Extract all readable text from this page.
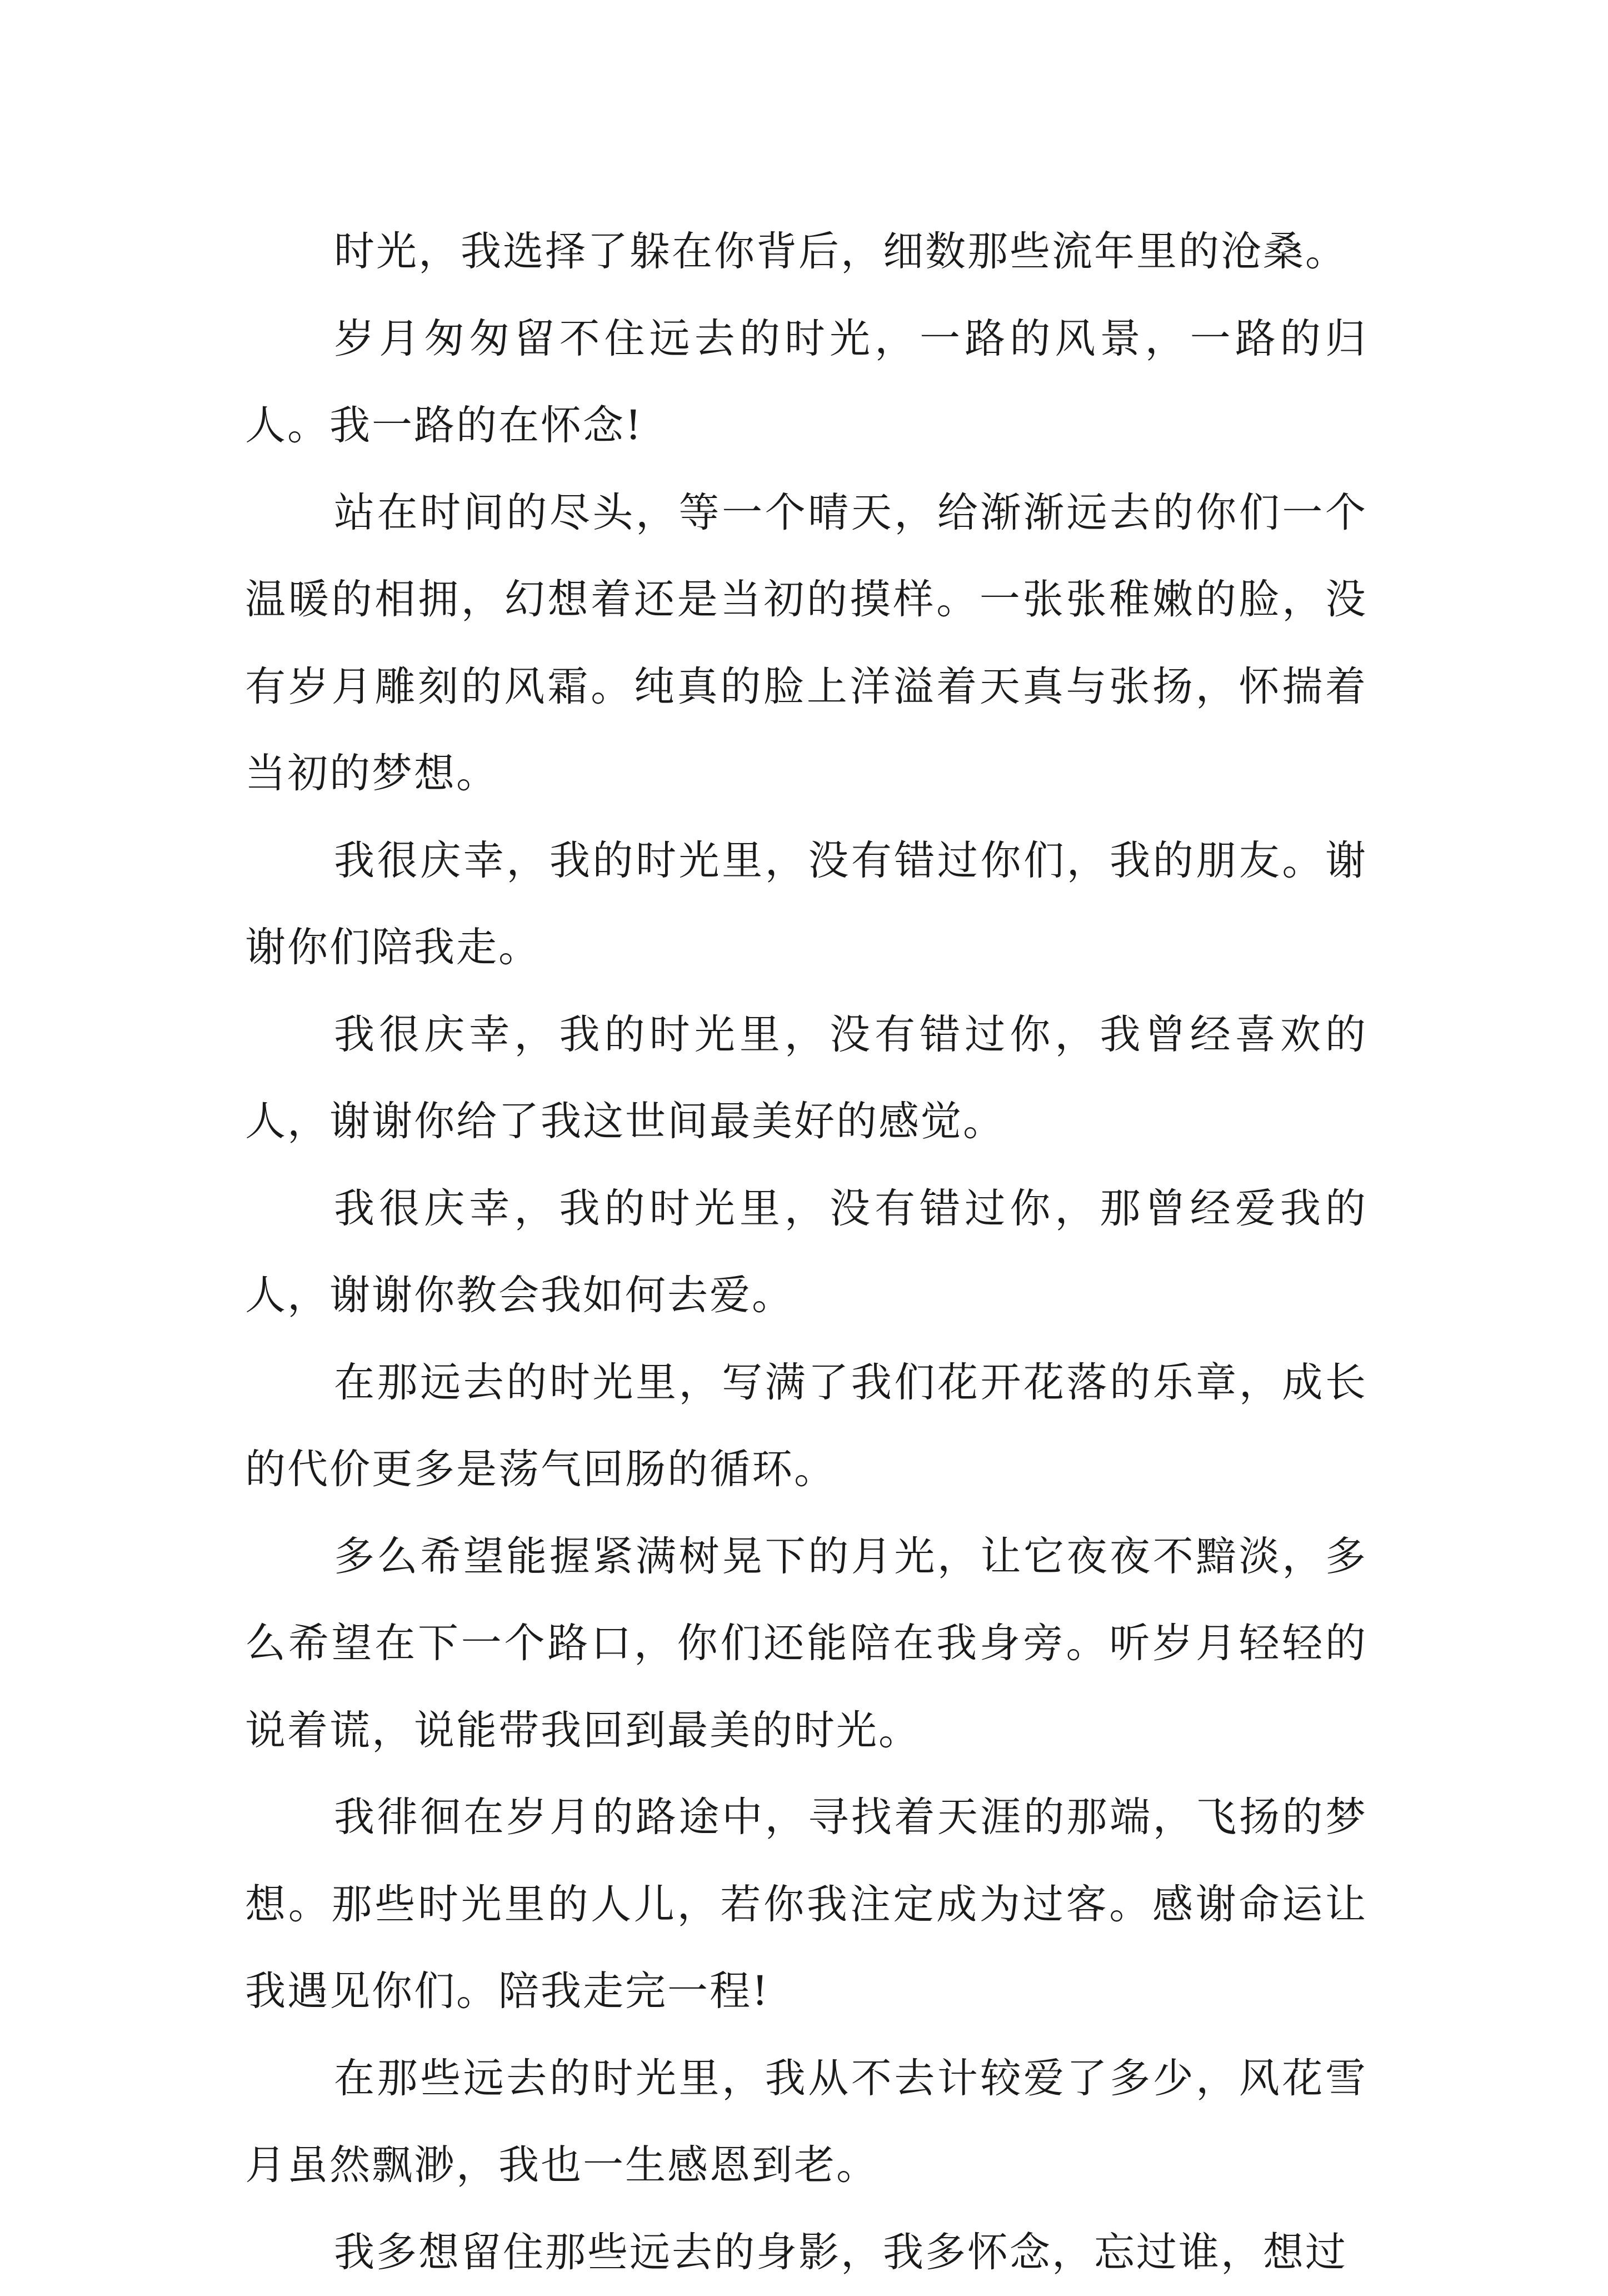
时光，我选择了躲在你背后，细数那些流年里的沧桑。

岁月匆匆留不住远去的时光，一路的风景，一路的归人。我一路的在怀念!

站在时间的尽头，等一个晴天，给渐渐远去的你们一个温暖的相拥，幻想着还是当初的摸样。一张张稚嫩的脸，没有岁月雕刻的风霜。纯真的脸上洋溢着天真与张扬，怀揣着当初的梦想。

我很庆幸，我的时光里，没有错过你们，我的朋友。谢谢你们陪我走。

我很庆幸，我的时光里，没有错过你，我曾经喜欢的人，谢谢你给了我这世间最美好的感觉。

我很庆幸，我的时光里，没有错过你，那曾经爱我的人，谢谢你教会我如何去爱。

在那远去的时光里，写满了我们花开花落的乐章，成长的代价更多是荡气回肠的循环。

多么希望能握紧满树晃下的月光，让它夜夜不黯淡，多么希望在下一个路口，你们还能陪在我身旁。听岁月轻轻的说着谎，说能带我回到最美的时光。

我徘徊在岁月的路途中，寻找着天涯的那端，飞扬的梦想。那些时光里的人儿，若你我注定成为过客。感谢命运让我遇见你们。陪我走完一程!

在那些远去的时光里，我从不去计较爱了多少，风花雪月虽然飘渺，我也一生感恩到老。

我多想留住那些远去的身影，我多怀念，忘过谁，想过
